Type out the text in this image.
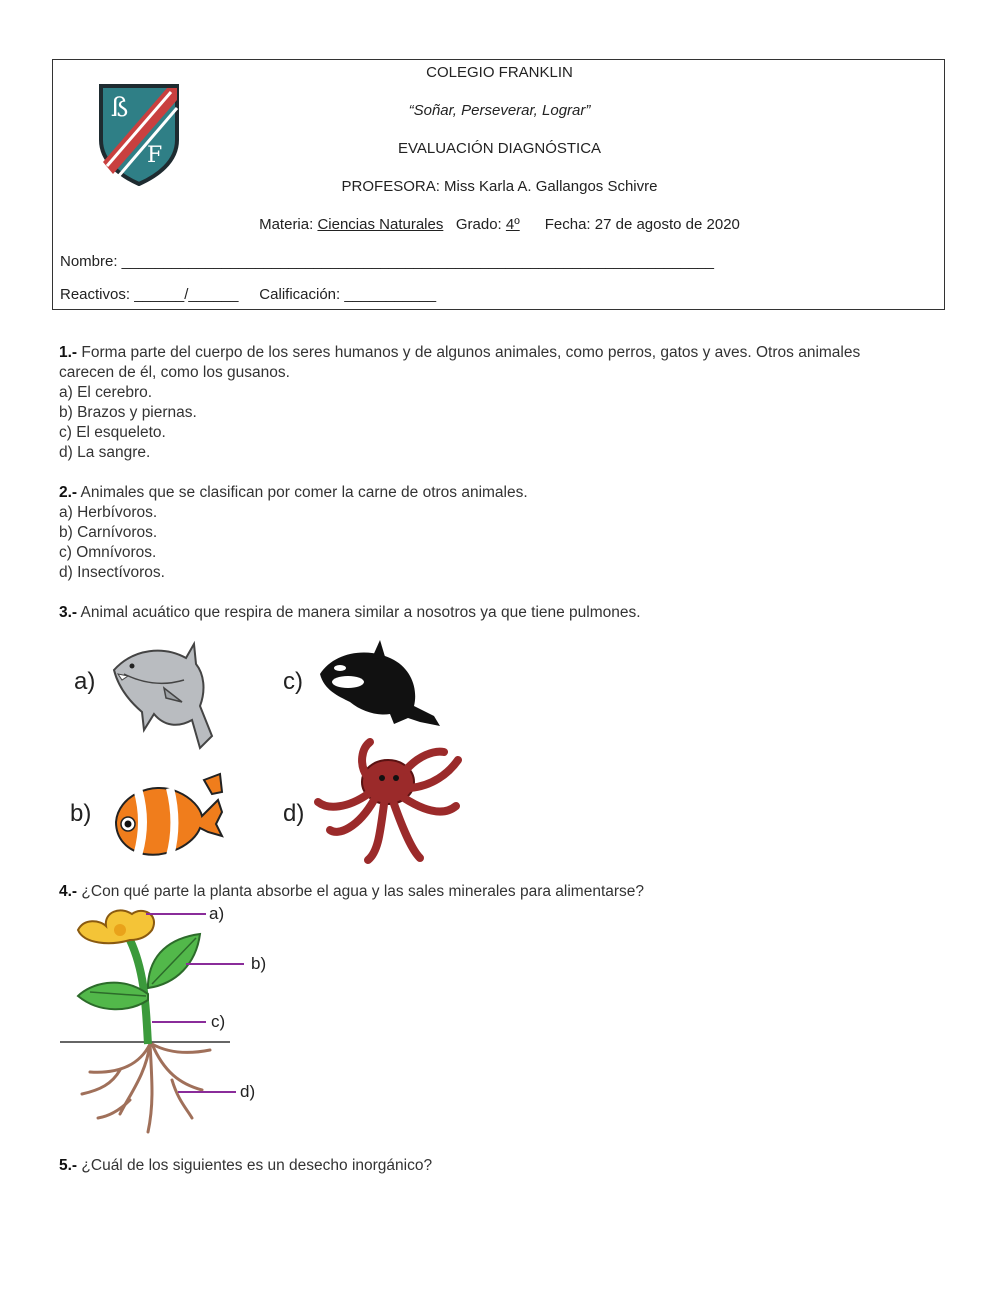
ß
F
COLEGIO FRANKLIN
“Soñar, Perseverar, Lograr”
EVALUACIÓN DIAGNÓSTICA
PROFESORA: Miss Karla A. Gallangos Schivre
Materia: Ciencias Naturales Grado: 4º Fecha: 27 de agosto de 2020
Nombre: _______________________________________________________________________
Reactivos: ______/______     Calificación: ___________
1.- Forma parte del cuerpo de los seres humanos y de algunos animales, como perros, gatos y aves. Otros animales carecen de él, como los gusanos.
a) El cerebro.
b) Brazos y piernas.
c) El esqueleto.
d) La sangre.
2.- Animales que se clasifican por comer la carne de otros animales.
a) Herbívoros.
b) Carnívoros.
c) Omnívoros.
d) Insectívoros.
3.- Animal acuático que respira de manera similar a nosotros ya que tiene pulmones.
a)	c)
b)	d)
4.- ¿Con qué parte la planta absorbe el agua y las sales minerales para alimentarse?
a)
b)
c)
d)
5.- ¿Cuál de los siguientes es un desecho inorgánico?
